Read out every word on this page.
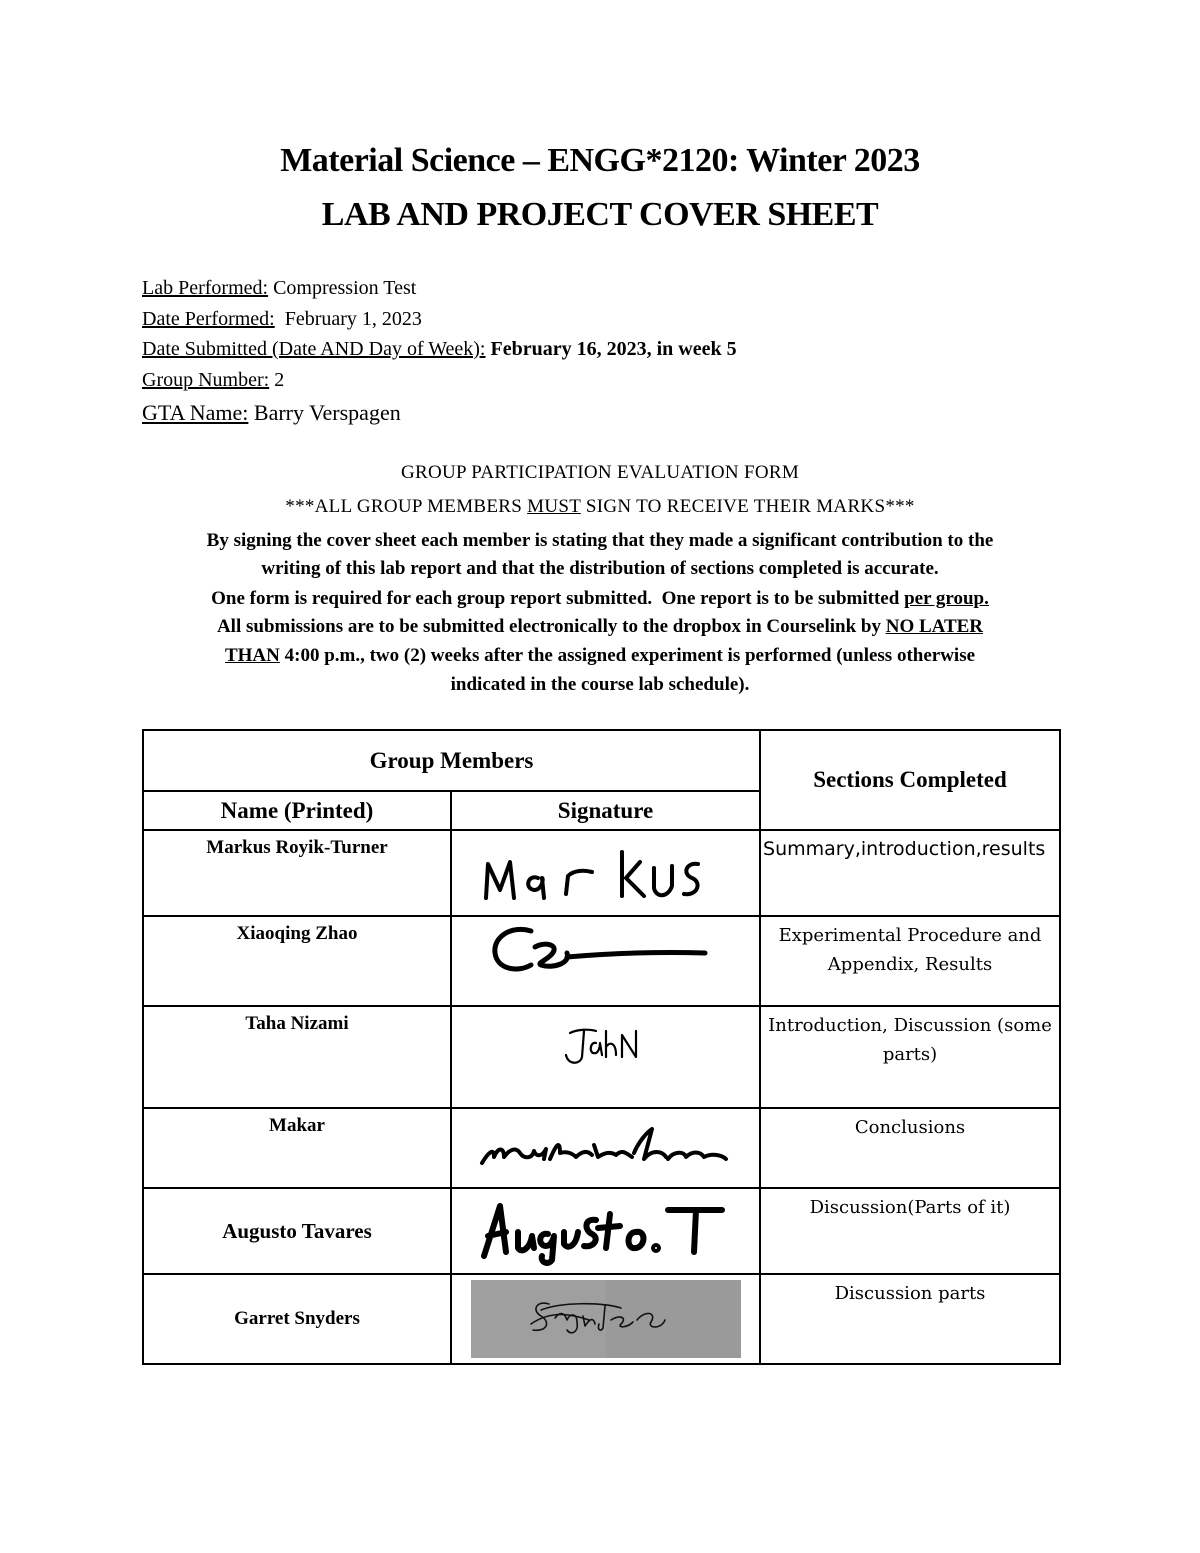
Material Science – ENGG*2120: Winter 2023
LAB AND PROJECT COVER SHEET
Lab Performed: Compression Test
Date Performed:  February 1, 2023
Date Submitted (Date AND Day of Week): February 16, 2023, in week 5
Group Number: 2
GTA Name: Barry Verspagen
GROUP PARTICIPATION EVALUATION FORM
***ALL GROUP MEMBERS MUST SIGN TO RECEIVE THEIR MARKS***
By signing the cover sheet each member is stating that they made a significant contribution to the
writing of this lab report and that the distribution of sections completed is accurate.
One form is required for each group report submitted.  One report is to be submitted per group.
All submissions are to be submitted electronically to the dropbox in Courselink by NO LATER
THAN 4:00 p.m., two (2) weeks after the assigned experiment is performed (unless otherwise
indicated in the course lab schedule).
Group Members		Sections Completed
Name (Printed)	Signature	
Markus Royik-Turner		Summary,introduction,results
Xiaoqing Zhao		Experimental Procedure and Appendix, Results
Taha Nizami		Introduction, Discussion (some parts)
Makar		Conclusions
Augusto Tavares		Discussion(Parts of it)
Garret Snyders		Discussion parts
